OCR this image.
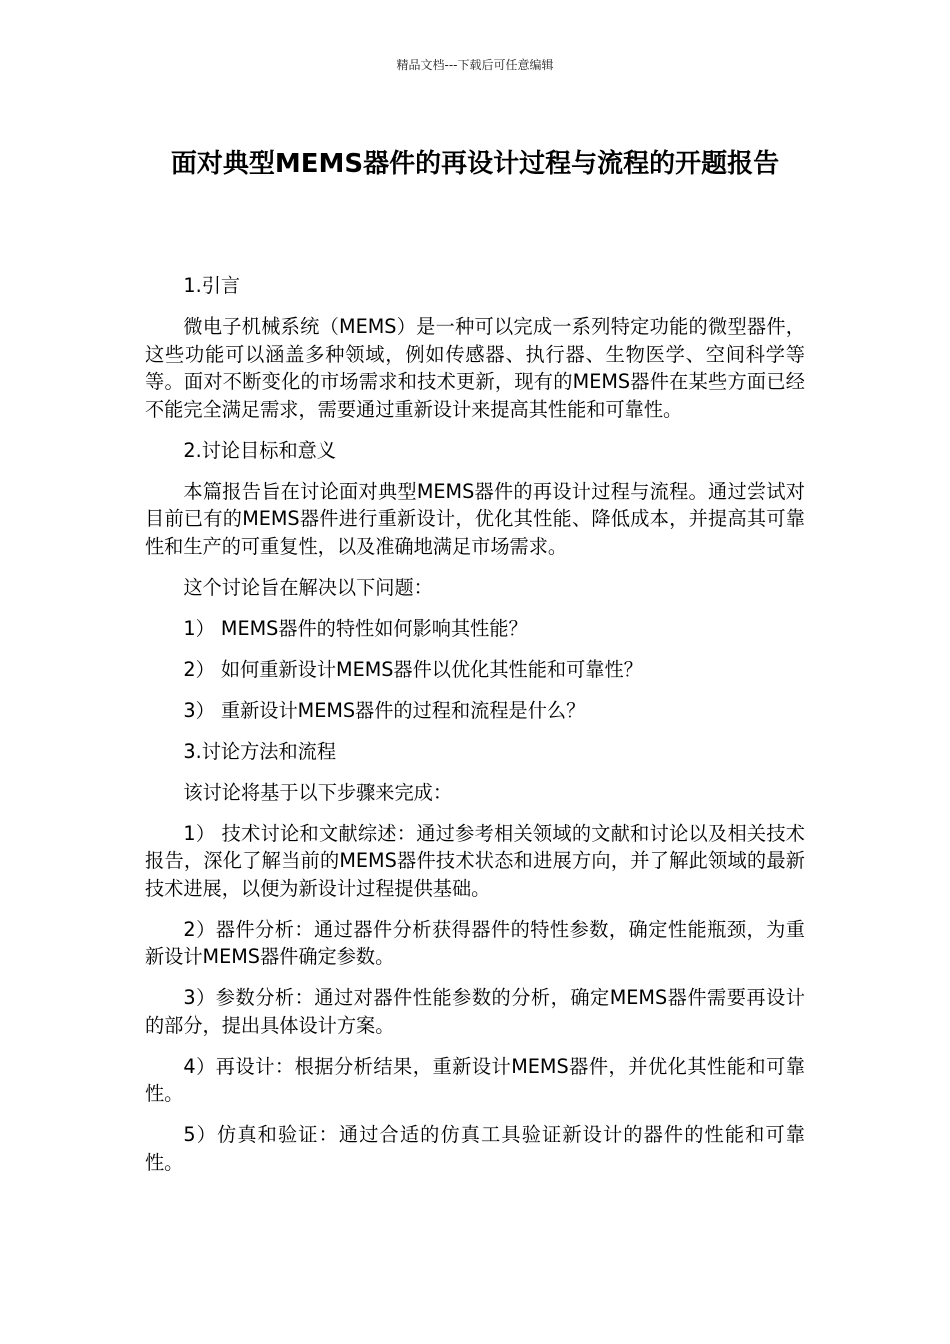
精品文档---下载后可任意编辑
面对典型MEMS器件的再设计过程与流程的开题报告

1.引言

微电子机械系统（MEMS）是一种可以完成一系列特定功能的微型器件，这些功能可以涵盖多种领域，例如传感器、执行器、生物医学、空间科学等等。面对不断变化的市场需求和技术更新，现有的MEMS器件在某些方面已经不能完全满足需求，需要通过重新设计来提高其性能和可靠性。

2.讨论目标和意义

本篇报告旨在讨论面对典型MEMS器件的再设计过程与流程。通过尝试对目前已有的MEMS器件进行重新设计，优化其性能、降低成本，并提高其可靠性和生产的可重复性，以及准确地满足市场需求。

这个讨论旨在解决以下问题：

1） MEMS器件的特性如何影响其性能？

2） 如何重新设计MEMS器件以优化其性能和可靠性？

3） 重新设计MEMS器件的过程和流程是什么？

3.讨论方法和流程

该讨论将基于以下步骤来完成：

1） 技术讨论和文献综述：通过参考相关领域的文献和讨论以及相关技术报告，深化了解当前的MEMS器件技术状态和进展方向，并了解此领域的最新技术进展，以便为新设计过程提供基础。

2）器件分析：通过器件分析获得器件的特性参数，确定性能瓶颈，为重新设计MEMS器件确定参数。

3）参数分析：通过对器件性能参数的分析，确定MEMS器件需要再设计的部分，提出具体设计方案。

4）再设计：根据分析结果，重新设计MEMS器件，并优化其性能和可靠性。

5）仿真和验证：通过合适的仿真工具验证新设计的器件的性能和可靠性。
